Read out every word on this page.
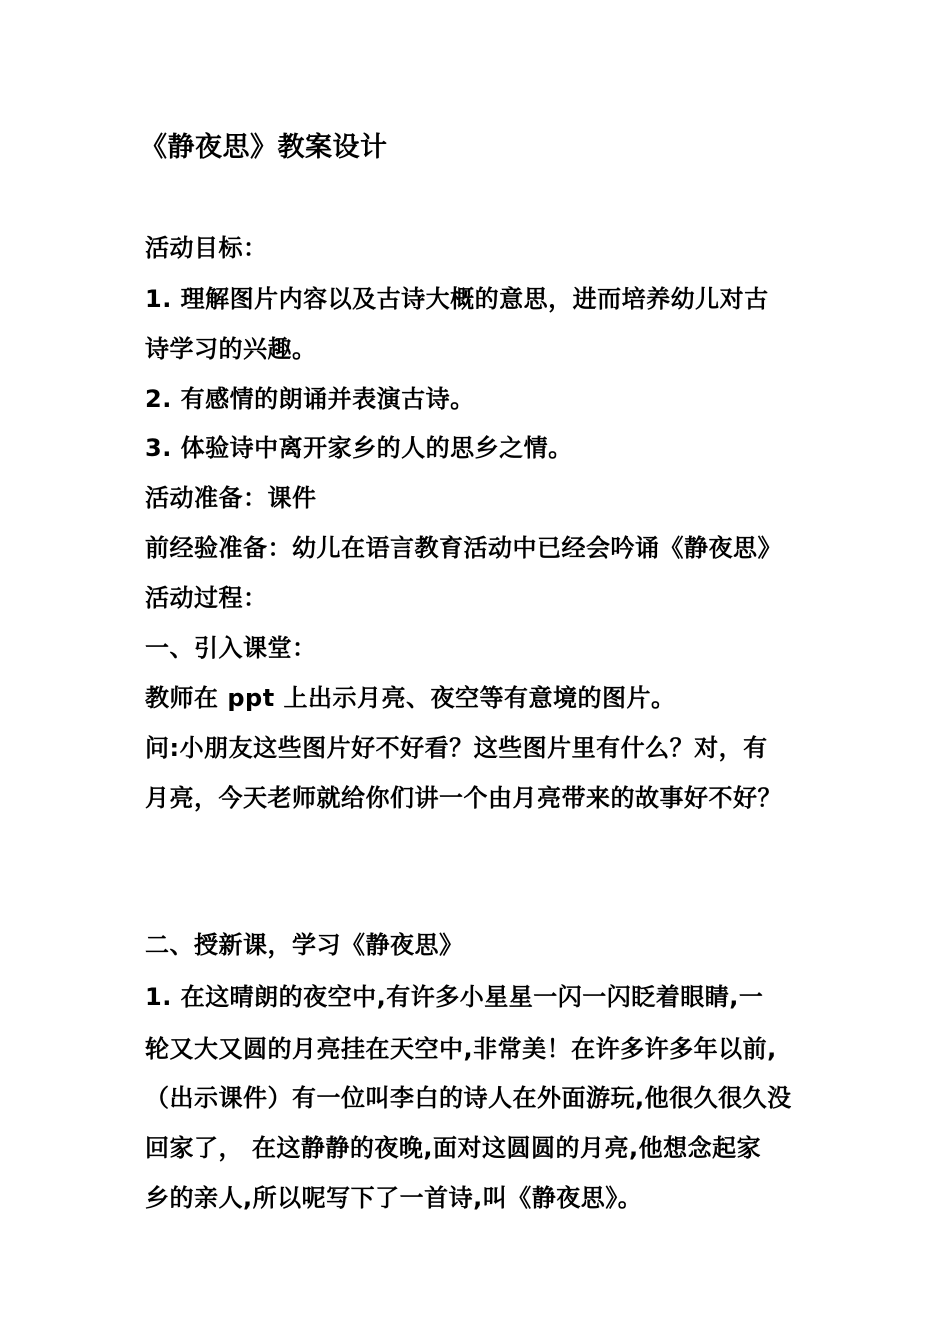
《静夜思》教案设计
活动目标：
1. 理解图片内容以及古诗大概的意思，进而培养幼儿对古
诗学习的兴趣。
2. 有感情的朗诵并表演古诗。
3. 体验诗中离开家乡的人的思乡之情。
活动准备：课件
前经验准备：幼儿在语言教育活动中已经会吟诵《静夜思》
活动过程：
一、引入课堂：
教师在 ppt 上出示月亮、夜空等有意境的图片。
问:小朋友这些图片好不好看？这些图片里有什么？对，有
月亮，今天老师就给你们讲一个由月亮带来的故事好不好？
二、授新课，学习《静夜思》
1. 在这晴朗的夜空中,有许多小星星一闪一闪眨着眼睛,一
轮又大又圆的月亮挂在天空中,非常美！在许多许多年以前,
（出示课件）有一位叫李白的诗人在外面游玩,他很久很久没
回家了， 在这静静的夜晚,面对这圆圆的月亮,他想念起家
乡的亲人,所以呢写下了一首诗,叫《静夜思》。
